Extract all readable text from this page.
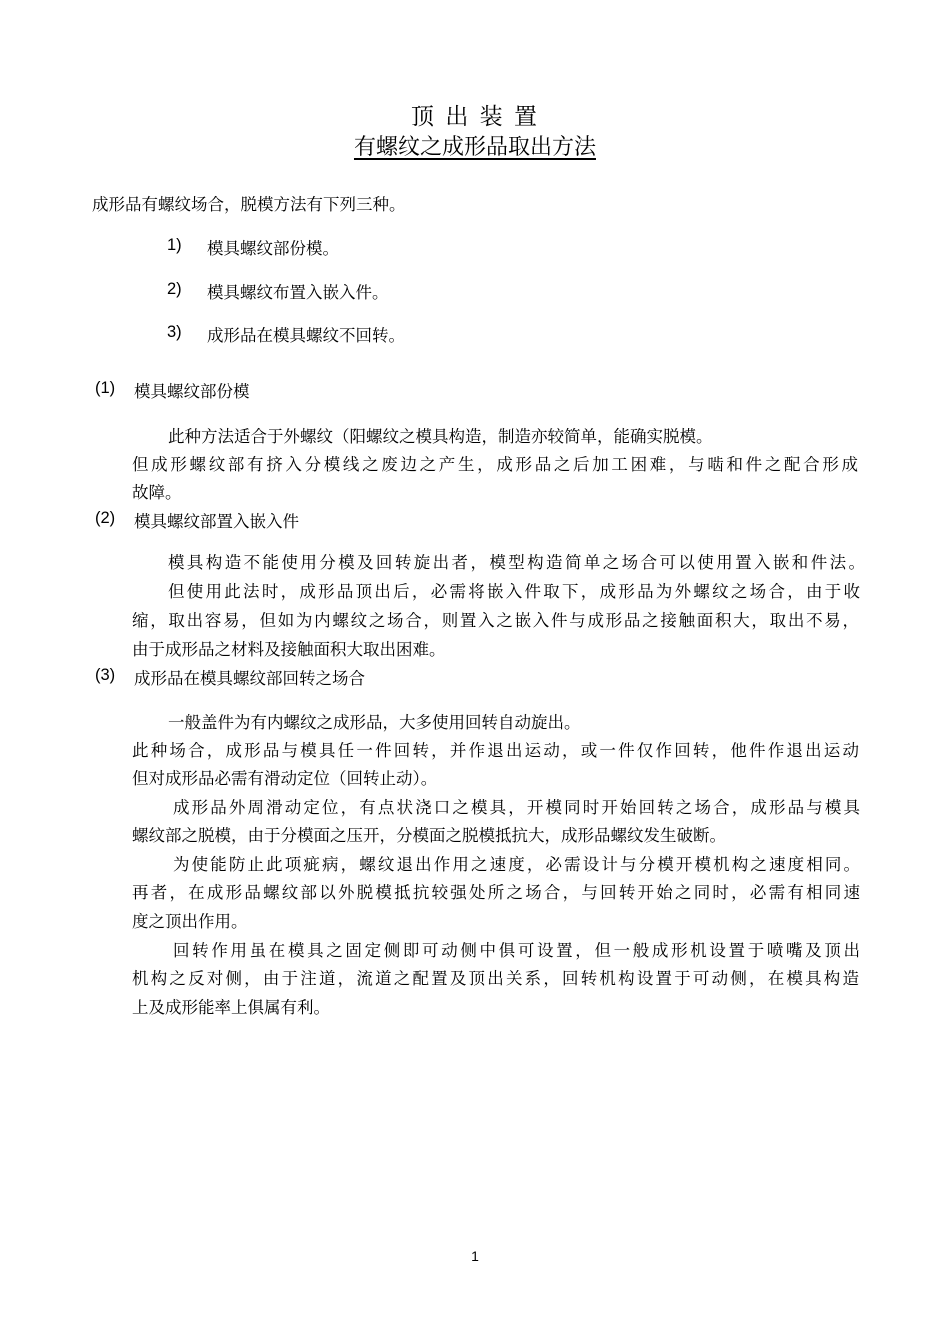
顶 出 装 置
有螺纹之成形品取出方法
成形品有螺纹场合，脱模方法有下列三种。
1) 模具螺纹部份模。
2) 模具螺纹布置入嵌入件。
3) 成形品在模具螺纹不回转。
(1) 模具螺纹部份模
此种方法适合于外螺纹（阳螺纹之模具构造，制造亦较简单，能确实脱模。
但成形螺纹部有挤入分模线之废边之产生，成形品之后加工困难，与啮和件之配合形成
故障。
(2) 模具螺纹部置入嵌入件
模具构造不能使用分模及回转旋出者，模型构造简单之场合可以使用置入嵌和件法。
但使用此法时，成形品顶出后，必需将嵌入件取下，成形品为外螺纹之场合，由于收
缩，取出容易，但如为内螺纹之场合，则置入之嵌入件与成形品之接触面积大，取出不易，
由于成形品之材料及接触面积大取出困难。
(3) 成形品在模具螺纹部回转之场合
一般盖件为有内螺纹之成形品，大多使用回转自动旋出。
此种场合，成形品与模具任一件回转，并作退出运动，或一件仅作回转，他件作退出运动
但对成形品必需有滑动定位（回转止动）。
成形品外周滑动定位，有点状浇口之模具，开模同时开始回转之场合，成形品与模具
螺纹部之脱模，由于分模面之压开，分模面之脱模抵抗大，成形品螺纹发生破断。
为使能防止此项疵病，螺纹退出作用之速度，必需设计与分模开模机构之速度相同。
再者，在成形品螺纹部以外脱模抵抗较强处所之场合，与回转开始之同时，必需有相同速
度之顶出作用。
回转作用虽在模具之固定侧即可动侧中俱可设置，但一般成形机设置于喷嘴及顶出
机构之反对侧，由于注道，流道之配置及顶出关系，回转机构设置于可动侧，在模具构造
上及成形能率上俱属有利。
1
